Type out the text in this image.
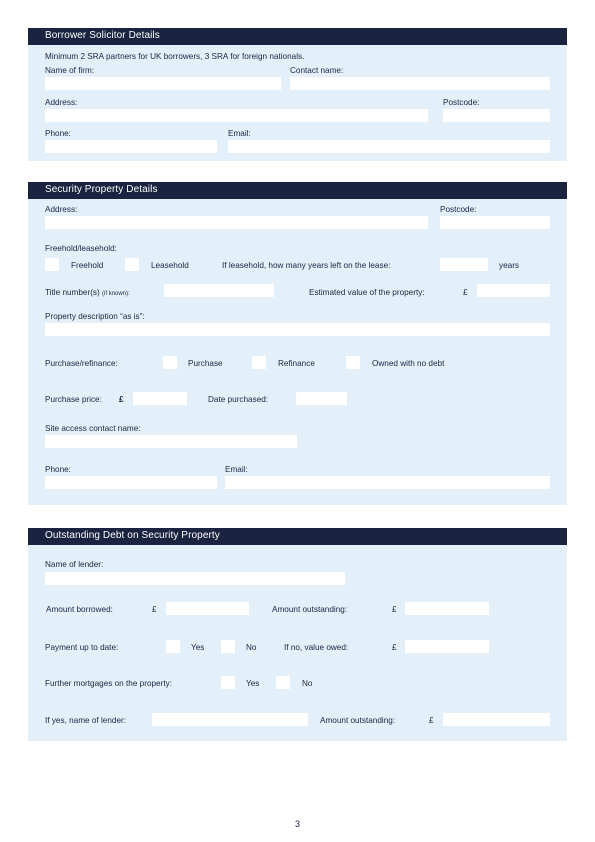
Borrower Solicitor Details
Minimum 2 SRA partners for UK borrowers, 3 SRA for foreign nationals.
Name of firm:	Contact name:
Address:	Postcode:
Phone:	Email:
Security Property Details
Address:	Postcode:
Freehold/leasehold:
Freehold	Leasehold	If leasehold, how many years left on the lease:	years
Title number(s) (if known):	Estimated value of the property:	£
Property description “as is”:
Purchase/refinance:	Purchase	Refinance	Owned with no debt
Purchase price: £	Date purchased:
Site access contact name:
Phone:	Email:
Outstanding Debt on Security Property
Name of lender:
Amount borrowed:	£	Amount outstanding:	£
Payment up to date:	Yes	No	If no, value owed:	£
Further mortgages on the property:	Yes	No
If yes, name of lender:	Amount outstanding:	£
3
